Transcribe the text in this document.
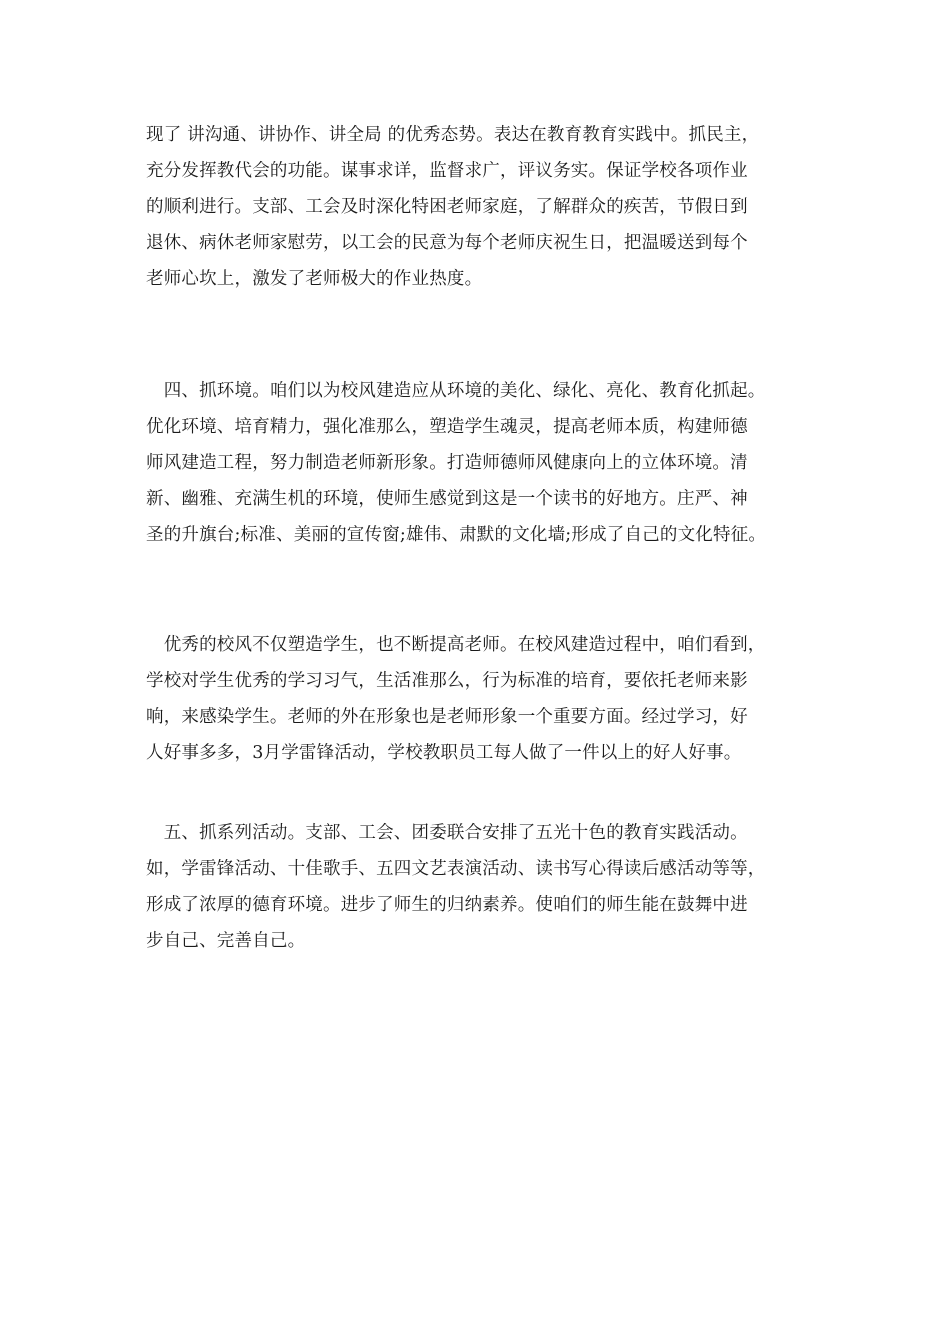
现了 讲沟通、讲协作、讲全局 的优秀态势。表达在教育教育实践中。抓民主，
充分发挥教代会的功能。谋事求详，监督求广，评议务实。保证学校各项作业
的顺利进行。支部、工会及时深化特困老师家庭，了解群众的疾苦，节假日到
退休、病休老师家慰劳，以工会的民意为每个老师庆祝生日，把温暖送到每个
老师心坎上，激发了老师极大的作业热度。

　四、抓环境。咱们以为校风建造应从环境的美化、绿化、亮化、教育化抓起。
优化环境、培育精力，强化准那么，塑造学生魂灵，提高老师本质，构建师德
师风建造工程，努力制造老师新形象。打造师德师风健康向上的立体环境。清
新、幽雅、充满生机的环境，使师生感觉到这是一个读书的好地方。庄严、神
圣的升旗台;标准、美丽的宣传窗;雄伟、肃默的文化墙;形成了自己的文化特征。

　优秀的校风不仅塑造学生，也不断提高老师。在校风建造过程中，咱们看到，
学校对学生优秀的学习习气，生活准那么，行为标准的培育，要依托老师来影
响，来感染学生。老师的外在形象也是老师形象一个重要方面。经过学习，好
人好事多多，3月学雷锋活动，学校教职员工每人做了一件以上的好人好事。

　五、抓系列活动。支部、工会、团委联合安排了五光十色的教育实践活动。
如，学雷锋活动、十佳歌手、五四文艺表演活动、读书写心得读后感活动等等，
形成了浓厚的德育环境。进步了师生的归纳素养。使咱们的师生能在鼓舞中进
步自己、完善自己。
